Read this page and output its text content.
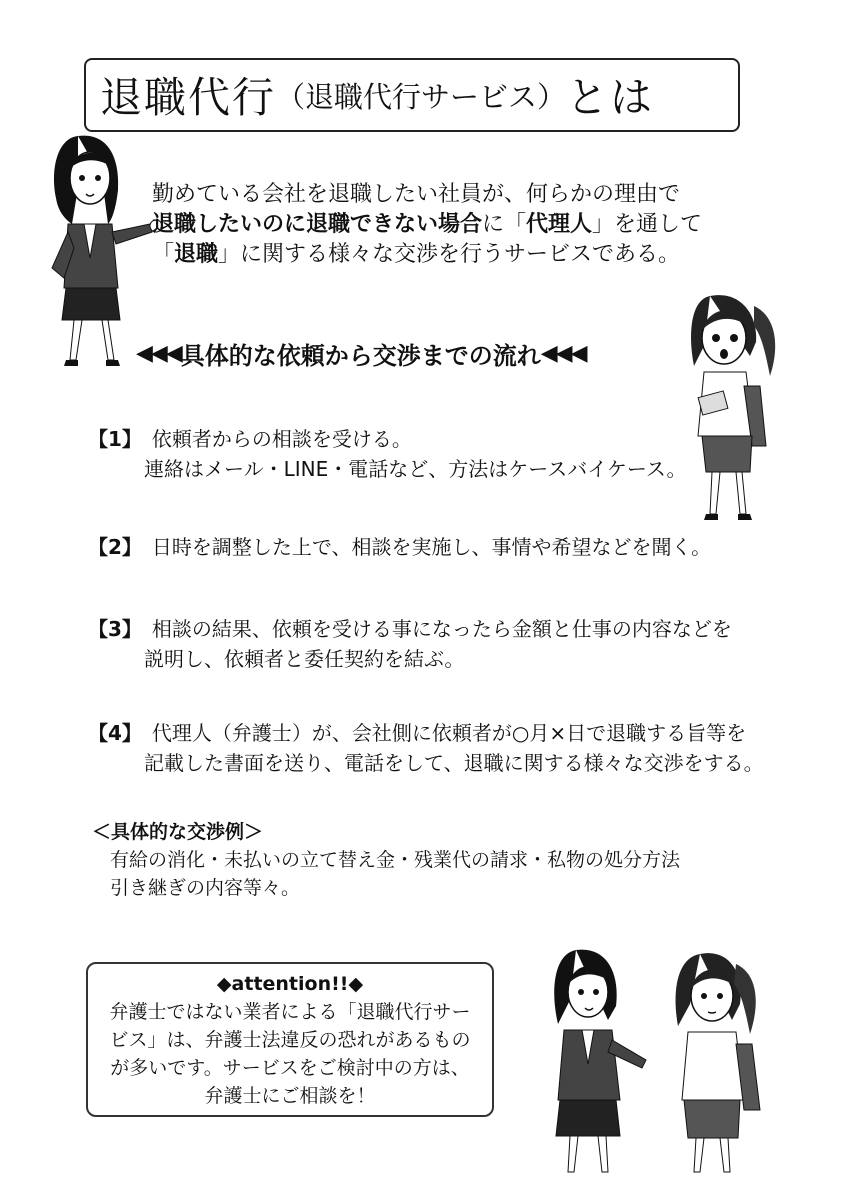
退職代行 （退職代行サービス） とは

勤めている会社を退職したい社員が、何らかの理由で

退職したいのに退職できない場合に「代理人」を通して

「退職」に関する様々な交渉を行うサービスである。

◀◀◀ 具体的な依頼から交渉までの流れ ◀◀◀
【1】 依頼者からの相談を受ける。
連絡はメール・LINE・電話など、方法はケースバイケース。
【2】 日時を調整した上で、相談を実施し、事情や希望などを聞く。
【3】 相談の結果、依頼を受ける事になったら金額と仕事の内容などを
説明し、依頼者と委任契約を結ぶ。
【4】 代理人（弁護士）が、会社側に依頼者が○月×日で退職する旨等を
記載した書面を送り、電話をして、退職に関する様々な交渉をする。
＜具体的な交渉例＞
有給の消化・未払いの立て替え金・残業代の請求・私物の処分方法
引き継ぎの内容等々。
◆attention!!◆
弁護士ではない業者による「退職代行サー
ビス」は、弁護士法違反の恐れがあるもの
が多いです。サービスをご検討中の方は、
弁護士にご相談を！
